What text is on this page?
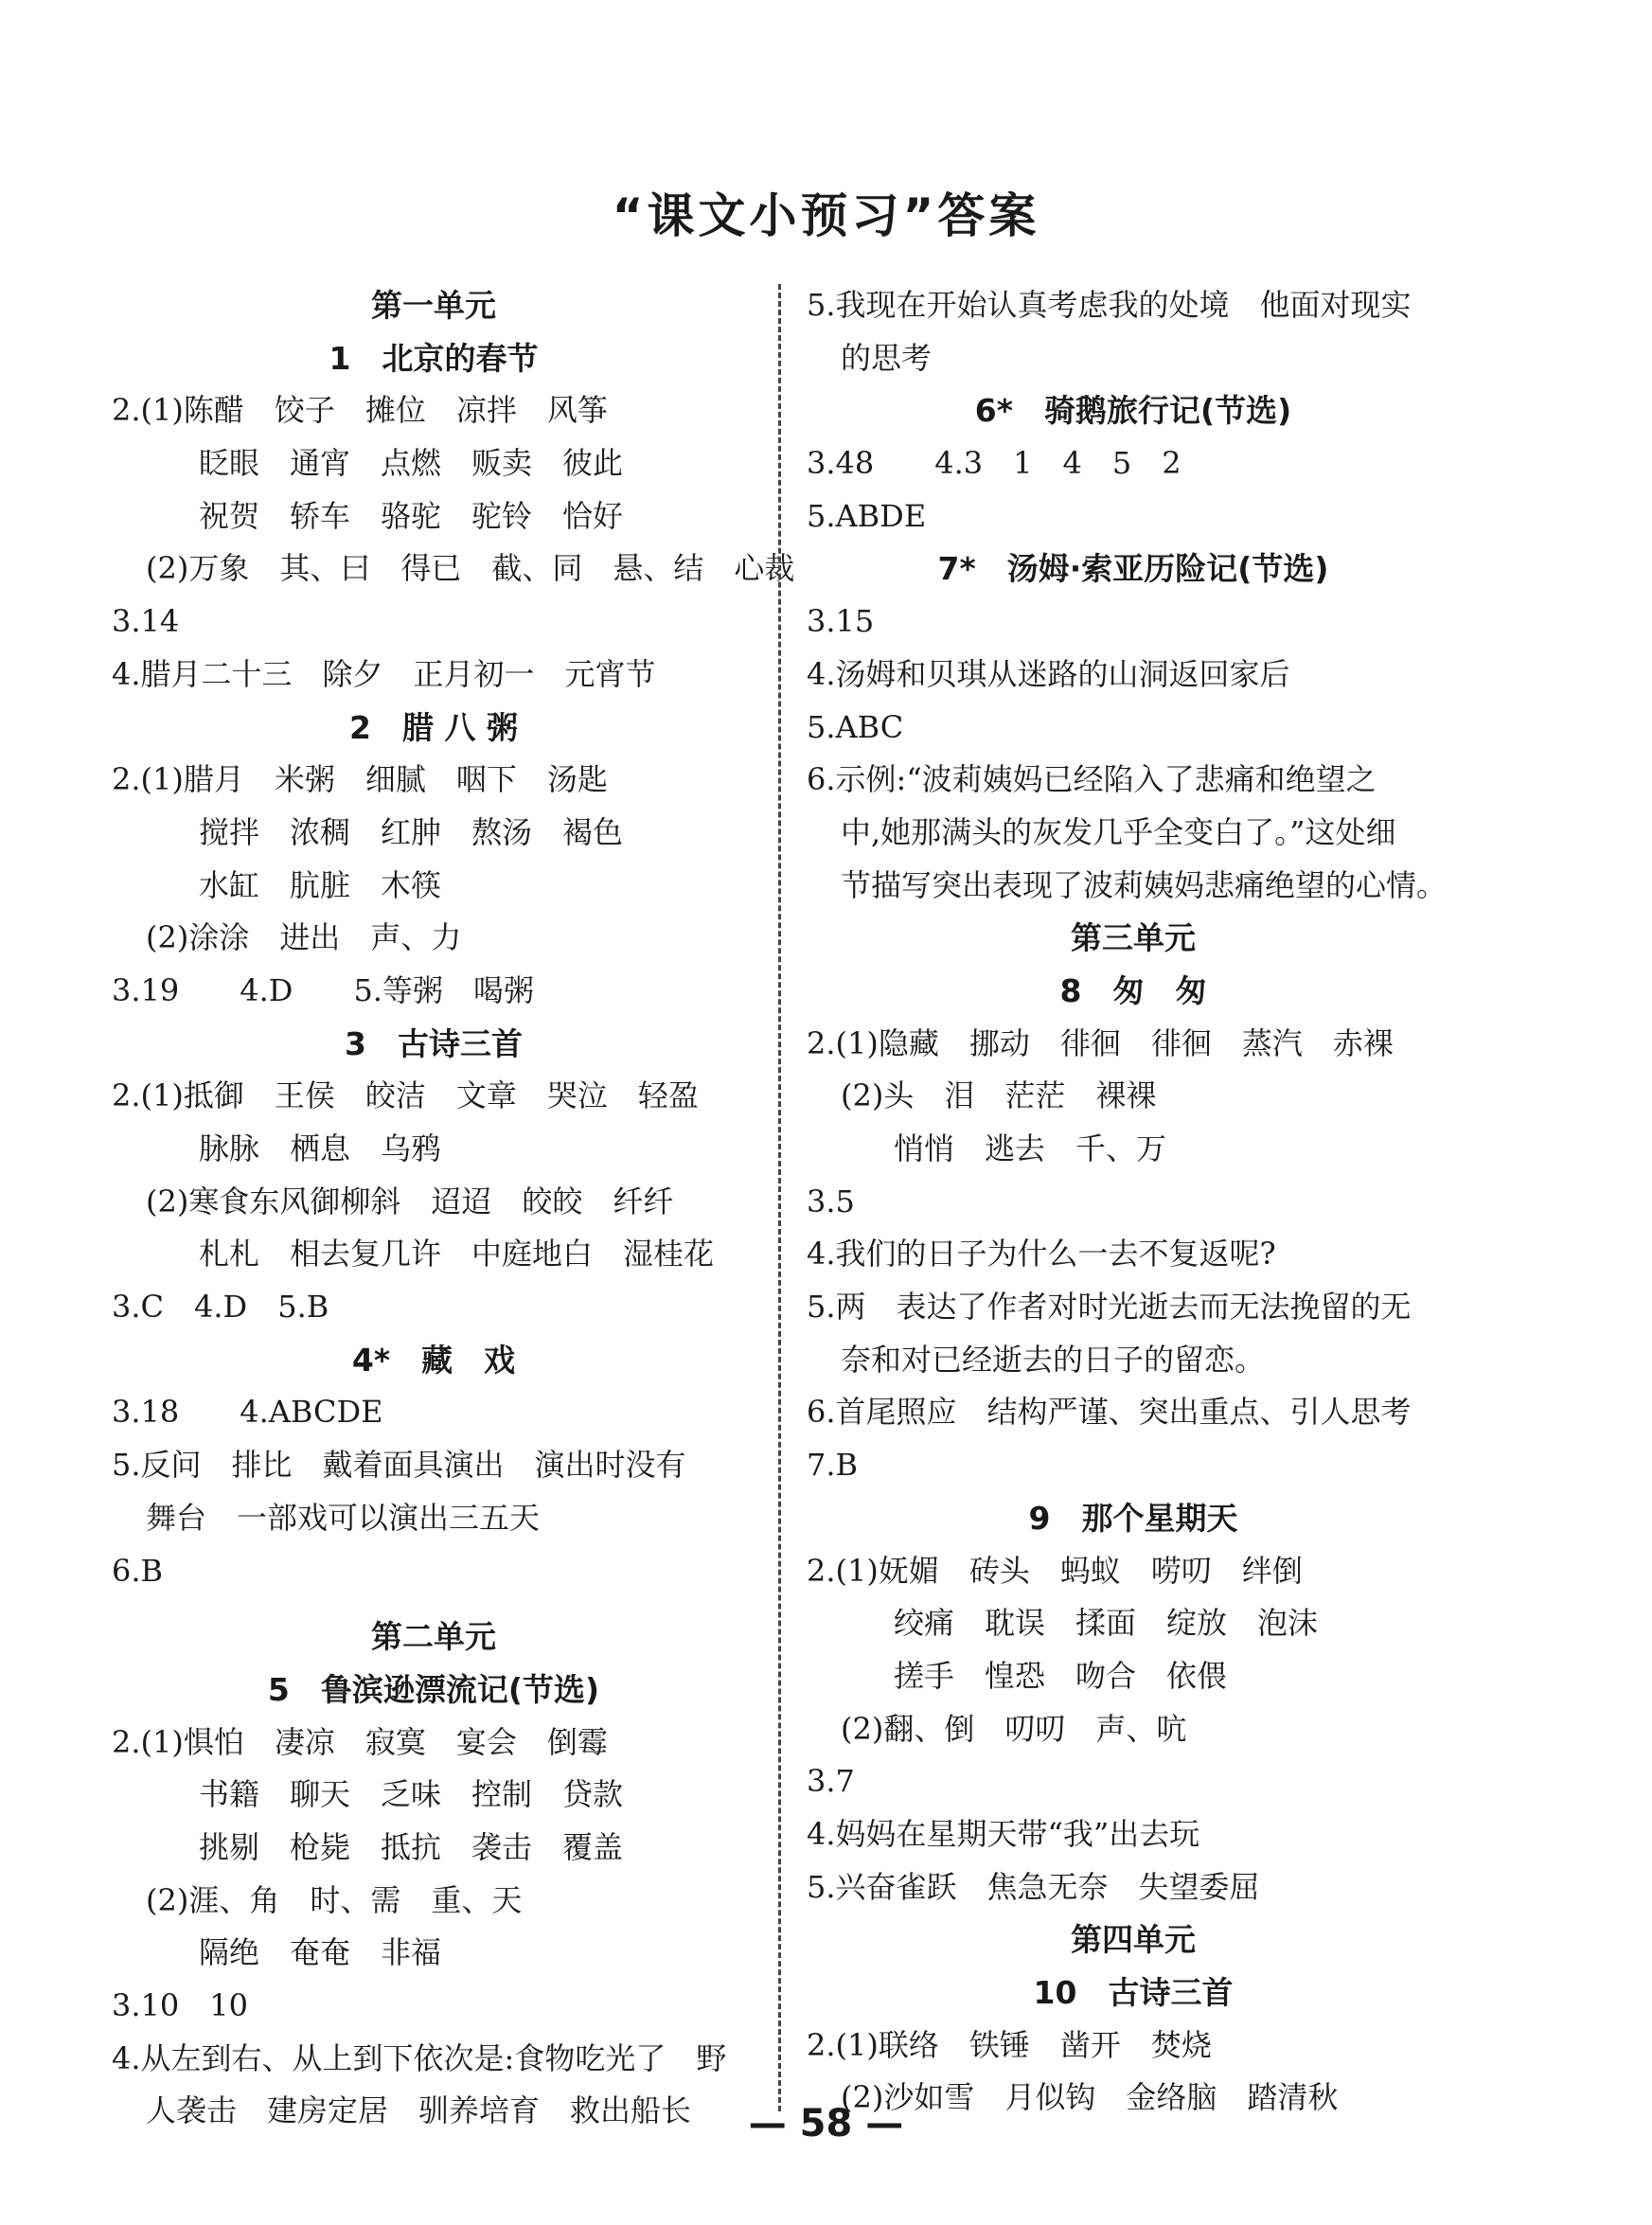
“课文小预习”答案
第一单元
1　北京的春节
2.(1)陈醋　饺子　摊位　凉拌　风筝
眨眼　通宵　点燃　贩卖　彼此
祝贺　轿车　骆驼　驼铃　恰好
(2)万象　其、曰　得已　截、同　悬、结　心裁
3.14
4.腊月二十三　除夕　正月初一　元宵节
2　腊 八 粥
2.(1)腊月　米粥　细腻　咽下　汤匙
搅拌　浓稠　红肿　熬汤　褐色
水缸　肮脏　木筷
(2)涂涂　进出　声、力
3.19　　4.D　　5.等粥　喝粥
3　古诗三首
2.(1)抵御　王侯　皎洁　文章　哭泣　轻盈
脉脉　栖息　乌鸦
(2)寒食东风御柳斜　迢迢　皎皎　纤纤
札札　相去复几许　中庭地白　湿桂花
3.C　4.D　5.B
4*　藏　戏
3.18　　4.ABCDE
5.反问　排比　戴着面具演出　演出时没有
舞台　一部戏可以演出三五天
6.B
第二单元
5　鲁滨逊漂流记(节选)
2.(1)惧怕　凄凉　寂寞　宴会　倒霉
书籍　聊天　乏味　控制　贷款
挑剔　枪毙　抵抗　袭击　覆盖
(2)涯、角　时、需　重、天
隔绝　奄奄　非福
3.10　10
4.从左到右、从上到下依次是:食物吃光了　野
人袭击　建房定居　驯养培育　救出船长
5.我现在开始认真考虑我的处境　他面对现实
的思考
6*　骑鹅旅行记(节选)
3.48　　4.3　1　4　5　2
5.ABDE
7*　汤姆·索亚历险记(节选)
3.15
4.汤姆和贝琪从迷路的山洞返回家后
5.ABC
6.示例:“波莉姨妈已经陷入了悲痛和绝望之
中,她那满头的灰发几乎全变白了。”这处细
节描写突出表现了波莉姨妈悲痛绝望的心情。
第三单元
8　匆　匆
2.(1)隐藏　挪动　徘徊　徘徊　蒸汽　赤裸
(2)头　泪　茫茫　裸裸
悄悄　逃去　千、万
3.5
4.我们的日子为什么一去不复返呢?
5.两　表达了作者对时光逝去而无法挽留的无
奈和对已经逝去的日子的留恋。
6.首尾照应　结构严谨、突出重点、引人思考
7.B
9　那个星期天
2.(1)妩媚　砖头　蚂蚁　唠叨　绊倒
绞痛　耽误　揉面　绽放　泡沫
搓手　惶恐　吻合　依偎
(2)翻、倒　叨叨　声、吭
3.7
4.妈妈在星期天带“我”出去玩
5.兴奋雀跃　焦急无奈　失望委屈
第四单元
10　古诗三首
2.(1)联络　铁锤　凿开　焚烧
(2)沙如雪　月似钩　金络脑　踏清秋
— 58 —
